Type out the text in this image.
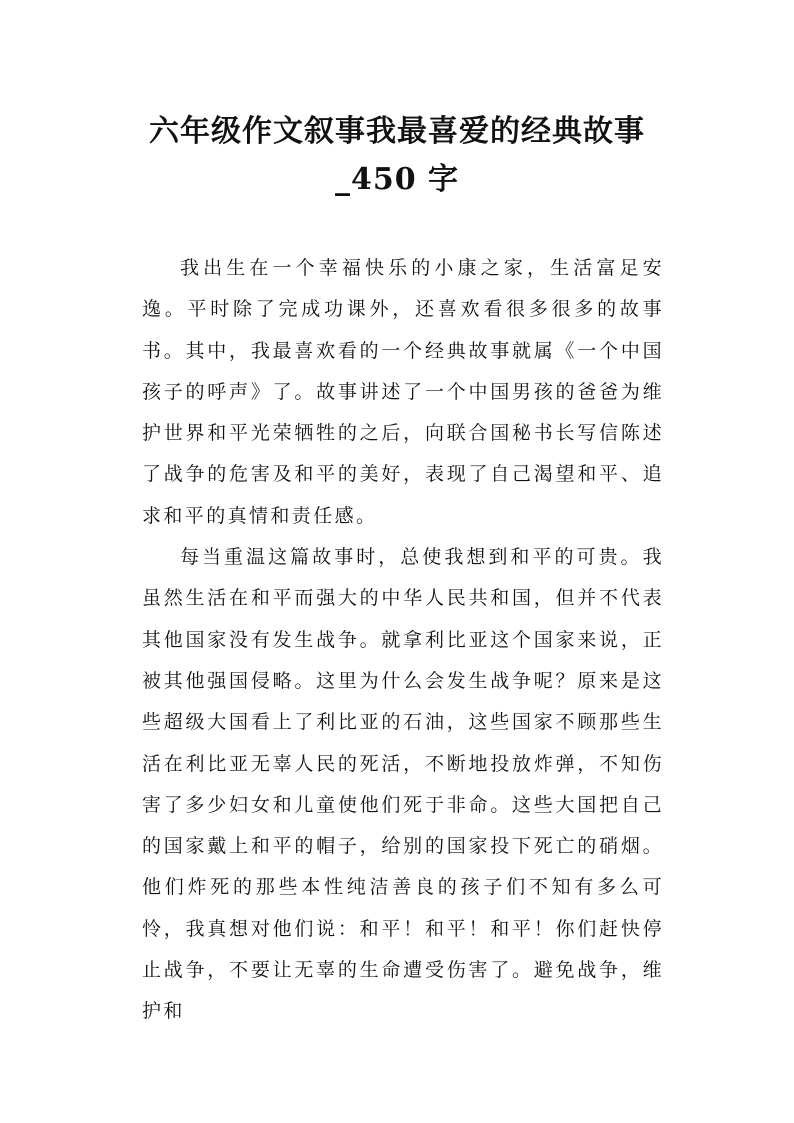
六年级作文叙事我最喜爱的经典故事
_450 字

我出生在一个幸福快乐的小康之家，生活富足安逸。平时除了完成功课外，还喜欢看很多很多的故事书。其中，我最喜欢看的一个经典故事就属《一个中国孩子的呼声》了。故事讲述了一个中国男孩的爸爸为维护世界和平光荣牺牲的之后，向联合国秘书长写信陈述了战争的危害及和平的美好，表现了自己渴望和平、追求和平的真情和责任感。

每当重温这篇故事时，总使我想到和平的可贵。我虽然生活在和平而强大的中华人民共和国，但并不代表其他国家没有发生战争。就拿利比亚这个国家来说，正被其他强国侵略。这里为什么会发生战争呢？原来是这些超级大国看上了利比亚的石油，这些国家不顾那些生活在利比亚无辜人民的死活，不断地投放炸弹，不知伤害了多少妇女和儿童使他们死于非命。这些大国把自己的国家戴上和平的帽子，给别的国家投下死亡的硝烟。他们炸死的那些本性纯洁善良的孩子们不知有多么可怜，我真想对他们说：和平！和平！和平！你们赶快停止战争，不要让无辜的生命遭受伤害了。避免战争，维护和
